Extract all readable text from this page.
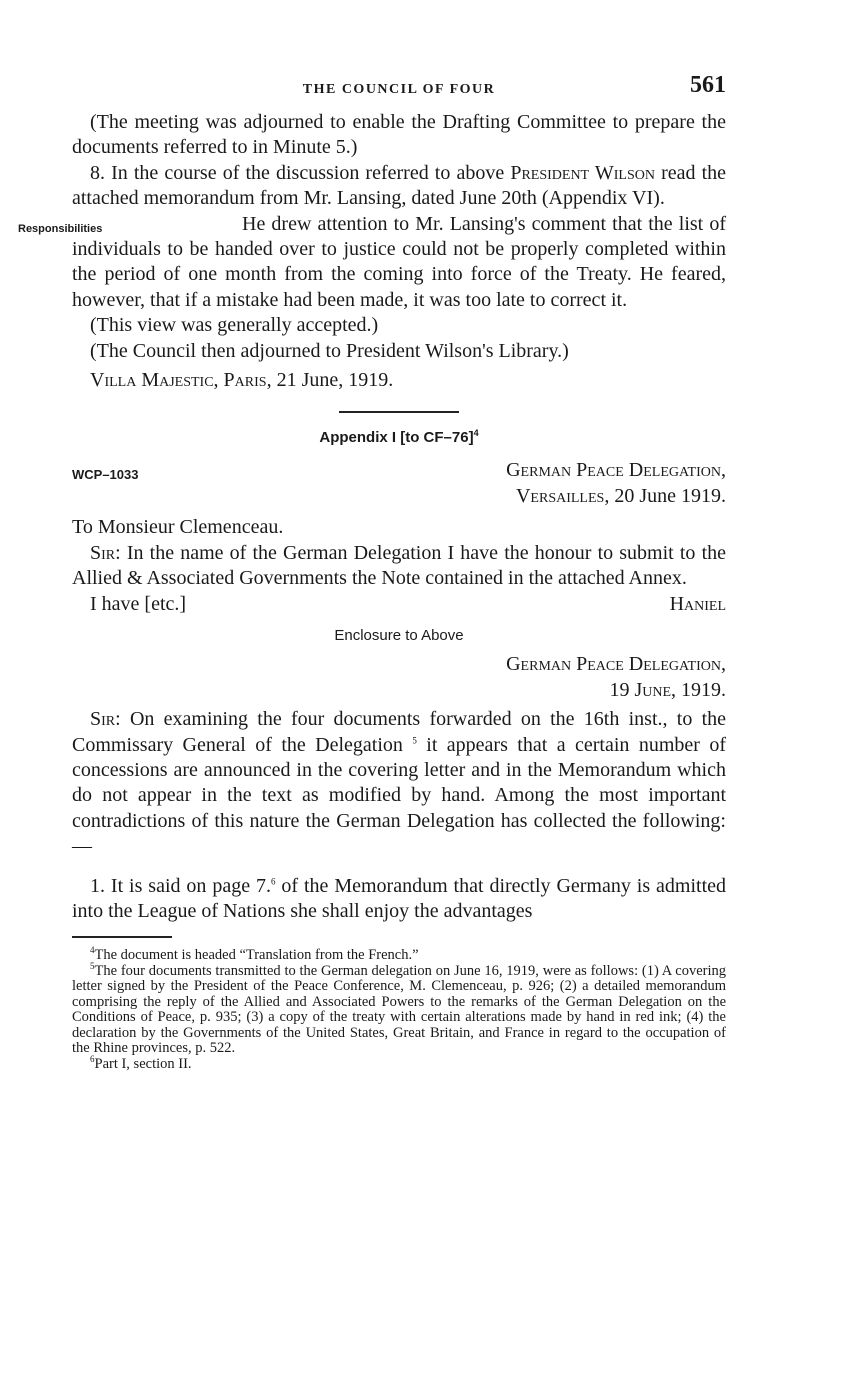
THE COUNCIL OF FOUR	561

(The meeting was adjourned to enable the Drafting Committee to prepare the documents referred to in Minute 5.)

8. In the course of the discussion referred to above President Wilson read the attached memorandum from Mr. Lansing, dated June 20th (Appendix VI).
Responsibilities	He drew attention to Mr. Lansing's comment that the list of individuals to be handed over to justice could not be properly completed within the period of one month from the coming into force of the Treaty. He feared, however, that if a mistake had been made, it was too late to correct it.

(This view was generally accepted.)

(The Council then adjourned to President Wilson's Library.)

Villa Majestic, Paris, 21 June, 1919.

Appendix I [to CF–76]$^4$
WCP–1033	German Peace Delegation,
Versailles, 20 June 1919.

To Monsieur Clemenceau.

Sir: In the name of the German Delegation I have the honour to submit to the Allied & Associated Governments the Note contained in the attached Annex.

I have [etc.]	Haniel
Enclosure to Above
German Peace Delegation,
19 June, 1919.

Sir: On examining the four documents forwarded on the 16th inst., to the Commissary General of the Delegation $^5$ it appears that a certain number of concessions are announced in the covering letter and in the Memorandum which do not appear in the text as modified by hand. Among the most important contradictions of this nature the German Delegation has collected the following:—

1. It is said on page 7.$^6$ of the Memorandum that directly Germany is admitted into the League of Nations she shall enjoy the advantages

$^4$The document is headed “Translation from the French.”

$^5$The four documents transmitted to the German delegation on June 16, 1919, were as follows: (1) A covering letter signed by the President of the Peace Conference, M. Clemenceau, p. 926; (2) a detailed memorandum comprising the reply of the Allied and Associated Powers to the remarks of the German Delegation on the Conditions of Peace, p. 935; (3) a copy of the treaty with certain alterations made by hand in red ink; (4) the declaration by the Governments of the United States, Great Britain, and France in regard to the occupation of the Rhine provinces, p. 522.

$^6$Part I, section II.
